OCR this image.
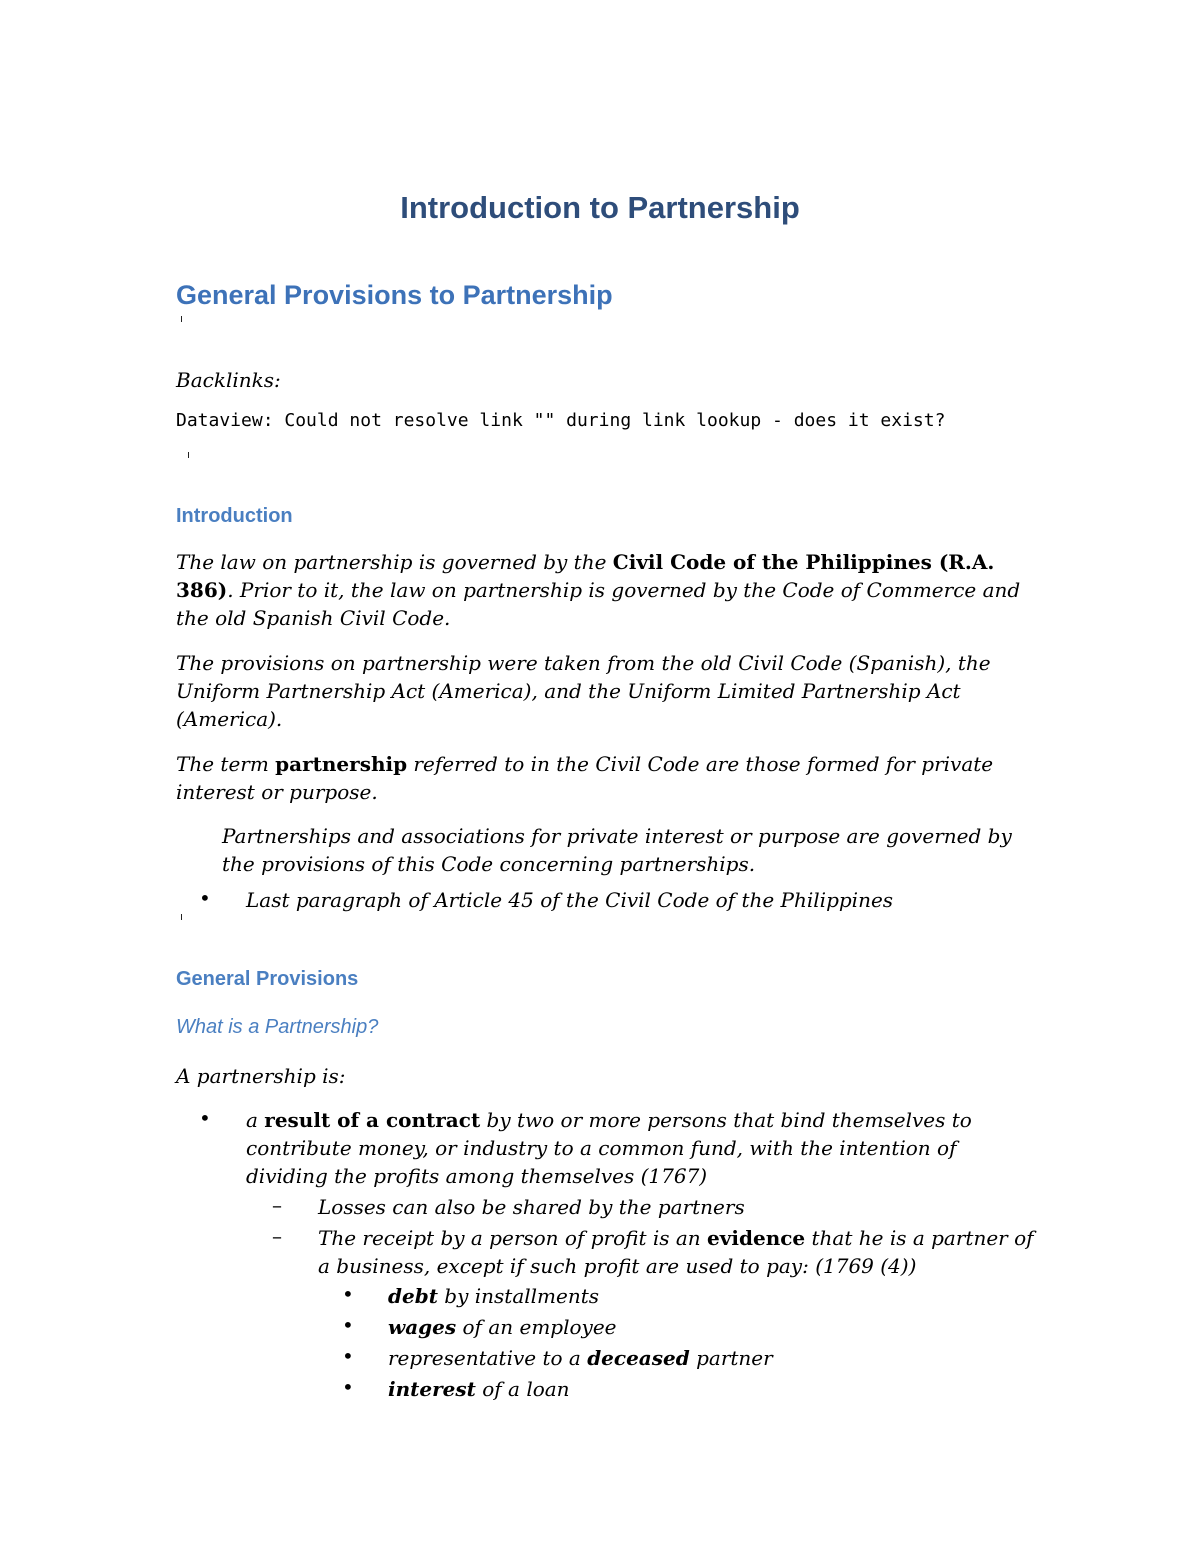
Introduction to Partnership
General Provisions to Partnership
Backlinks:
Dataview: Could not resolve link "" during link lookup - does it exist?
Introduction
The law on partnership is governed by the Civil Code of the Philippines (R.A. 386). Prior to it, the law on partnership is governed by the Code of Commerce and the old Spanish Civil Code.
The provisions on partnership were taken from the old Civil Code (Spanish), the Uniform Partnership Act (America), and the Uniform Limited Partnership Act (America).
The term partnership referred to in the Civil Code are those formed for private interest or purpose.
Partnerships and associations for private interest or purpose are governed by the provisions of this Code concerning partnerships.
• Last paragraph of Article 45 of the Civil Code of the Philippines
General Provisions
What is a Partnership?
A partnership is:
• a result of a contract by two or more persons that bind themselves to contribute money, or industry to a common fund, with the intention of dividing the profits among themselves (1767)
– Losses can also be shared by the partners
– The receipt by a person of profit is an evidence that he is a partner of a business, except if such profit are used to pay: (1769 (4))
• debt by installments
• wages of an employee
• representative to a deceased partner
• interest of a loan
